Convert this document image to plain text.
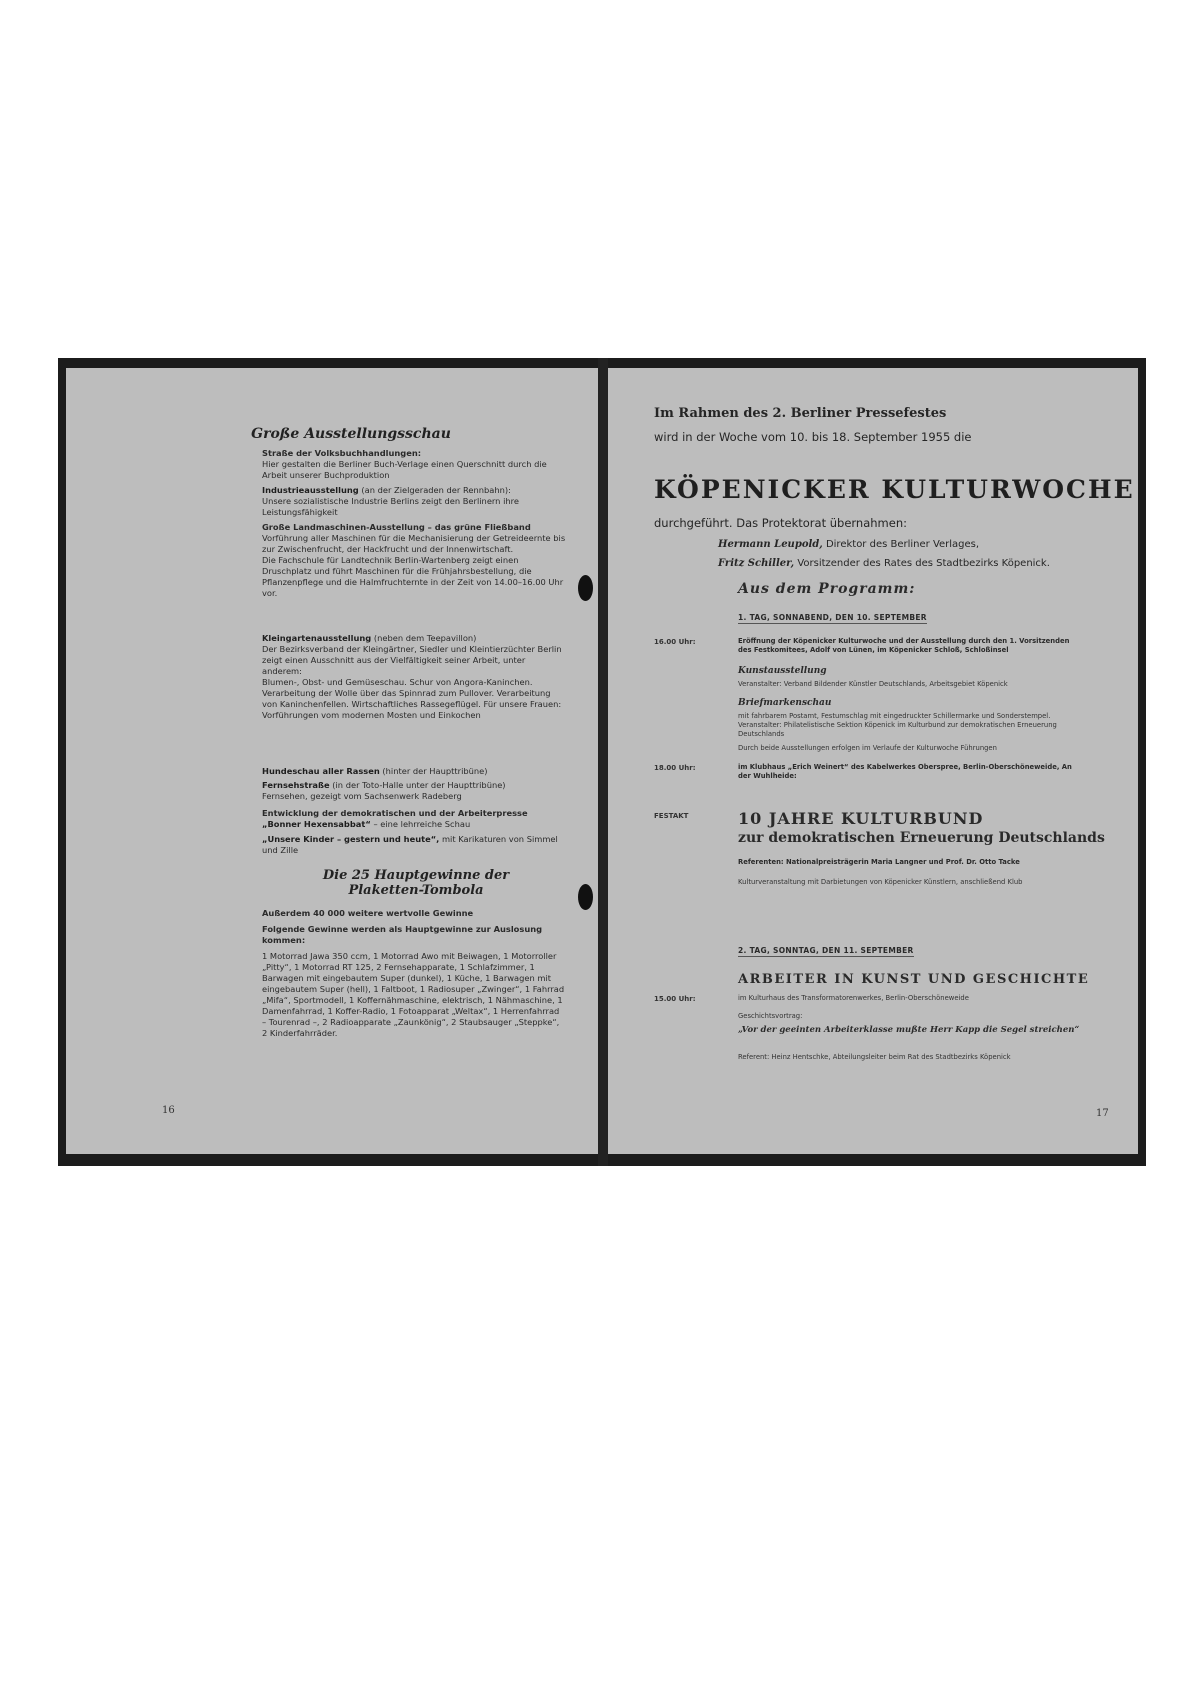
Große Ausstellungsschau
Straße der Volksbuchhandlungen:

Hier gestalten die Berliner Buch-Verlage einen Querschnitt durch die Arbeit unserer Buchproduktion

Industrieausstellung (an der Zielgeraden der Rennbahn):

Unsere sozialistische Industrie Berlins zeigt den Berlinern ihre Leistungsfähigkeit

Große Landmaschinen-Ausstellung – das grüne Fließband
Vorführung aller Maschinen für die Mechanisierung der Getreideernte bis zur Zwischenfrucht, der Hackfrucht und der Innenwirtschaft.

Die Fachschule für Landtechnik Berlin-Wartenberg zeigt einen Druschplatz und führt Maschinen für die Frühjahrsbestellung, die Pflanzenpflege und die Halmfruchternte in der Zeit von 14.00–16.00 Uhr vor.

Kleingartenausstellung (neben dem Teepavillon)
Der Bezirksverband der Kleingärtner, Siedler und Kleintierzüchter Berlin zeigt einen Ausschnitt aus der Vielfältigkeit seiner Arbeit, unter anderem:

Blumen-, Obst- und Gemüseschau. Schur von Angora-Kaninchen. Verarbeitung der Wolle über das Spinnrad zum Pullover. Verarbeitung von Kaninchenfellen. Wirtschaftliches Rassegeflügel. Für unsere Frauen: Vorführungen vom modernen Mosten und Einkochen

Hundeschau aller Rassen (hinter der Haupttribüne)
Fernsehstraße (in der Toto-Halle unter der Haupttribüne)

Fernsehen, gezeigt vom Sachsenwerk Radeberg

Entwicklung der demokratischen und der Arbeiterpresse

„Bonner Hexensabbat“ – eine lehrreiche Schau

„Unsere Kinder – gestern und heute“, mit Karikaturen von Simmel und Zille

Die 25 Hauptgewinne der
Plaketten-Tombola

Außerdem 40 000 weitere wertvolle Gewinne

Folgende Gewinne werden als Hauptgewinne zur Auslosung kommen:

1 Motorrad Jawa 350 ccm, 1 Motorrad Awo mit Beiwagen, 1 Motorroller „Pitty“, 1 Motorrad RT 125, 2 Fernsehapparate, 1 Schlafzimmer, 1 Barwagen mit eingebautem Super (dunkel), 1 Küche, 1 Barwagen mit eingebautem Super (hell), 1 Faltboot, 1 Radiosuper „Zwinger“, 1 Fahrrad „Mifa“, Sportmodell, 1 Koffernähmaschine, elektrisch, 1 Nähmaschine, 1 Damenfahrrad, 1 Koffer-Radio, 1 Fotoapparat „Weltax“, 1 Herrenfahrrad – Tourenrad –, 2 Radioapparate „Zaunkönig“, 2 Staubsauger „Steppke“, 2 Kinderfahrräder.

16
Im Rahmen des 2. Berliner Pressefestes
wird in der Woche vom 10. bis 18. September 1955 die
KÖPENICKER KULTURWOCHE
durchgeführt. Das Protektorat übernahmen:
Hermann Leupold, Direktor des Berliner Verlages,
Fritz Schiller, Vorsitzender des Rates des Stadtbezirks Köpenick.
Aus dem Programm:
1. TAG, SONNABEND, DEN 10. SEPTEMBER
16.00 Uhr:	Eröffnung der Köpenicker Kulturwoche und der Ausstellung durch den 1. Vorsitzenden des Festkomitees, Adolf von Lünen, im Köpenicker Schloß, Schloßinsel
Kunstausstellung
Veranstalter: Verband Bildender Künstler Deutschlands, Arbeitsgebiet Köpenick
Briefmarkenschau
mit fahrbarem Postamt, Festumschlag mit eingedruckter Schillermarke und Sonderstempel. Veranstalter: Philatelistische Sektion Köpenick im Kulturbund zur demokratischen Erneuerung Deutschlands
Durch beide Ausstellungen erfolgen im Verlaufe der Kulturwoche Führungen
18.00 Uhr:	im Klubhaus „Erich Weinert“ des Kabelwerkes Oberspree, Berlin-Oberschöneweide, An der Wuhlheide:
FESTAKT	10 JAHRE KULTURBUND
zur demokratischen Erneuerung Deutschlands
Referenten: Nationalpreisträgerin Maria Langner und Prof. Dr. Otto Tacke
Kulturveranstaltung mit Darbietungen von Köpenicker Künstlern, anschließend Klub
2. TAG, SONNTAG, DEN 11. SEPTEMBER
ARBEITER IN KUNST UND GESCHICHTE
15.00 Uhr:	im Kulturhaus des Transformatorenwerkes, Berlin-Oberschöneweide
Geschichtsvortrag:
„Vor der geeinten Arbeiterklasse mußte Herr Kapp die Segel streichen“
Referent: Heinz Hentschke, Abteilungsleiter beim Rat des Stadtbezirks Köpenick
17
